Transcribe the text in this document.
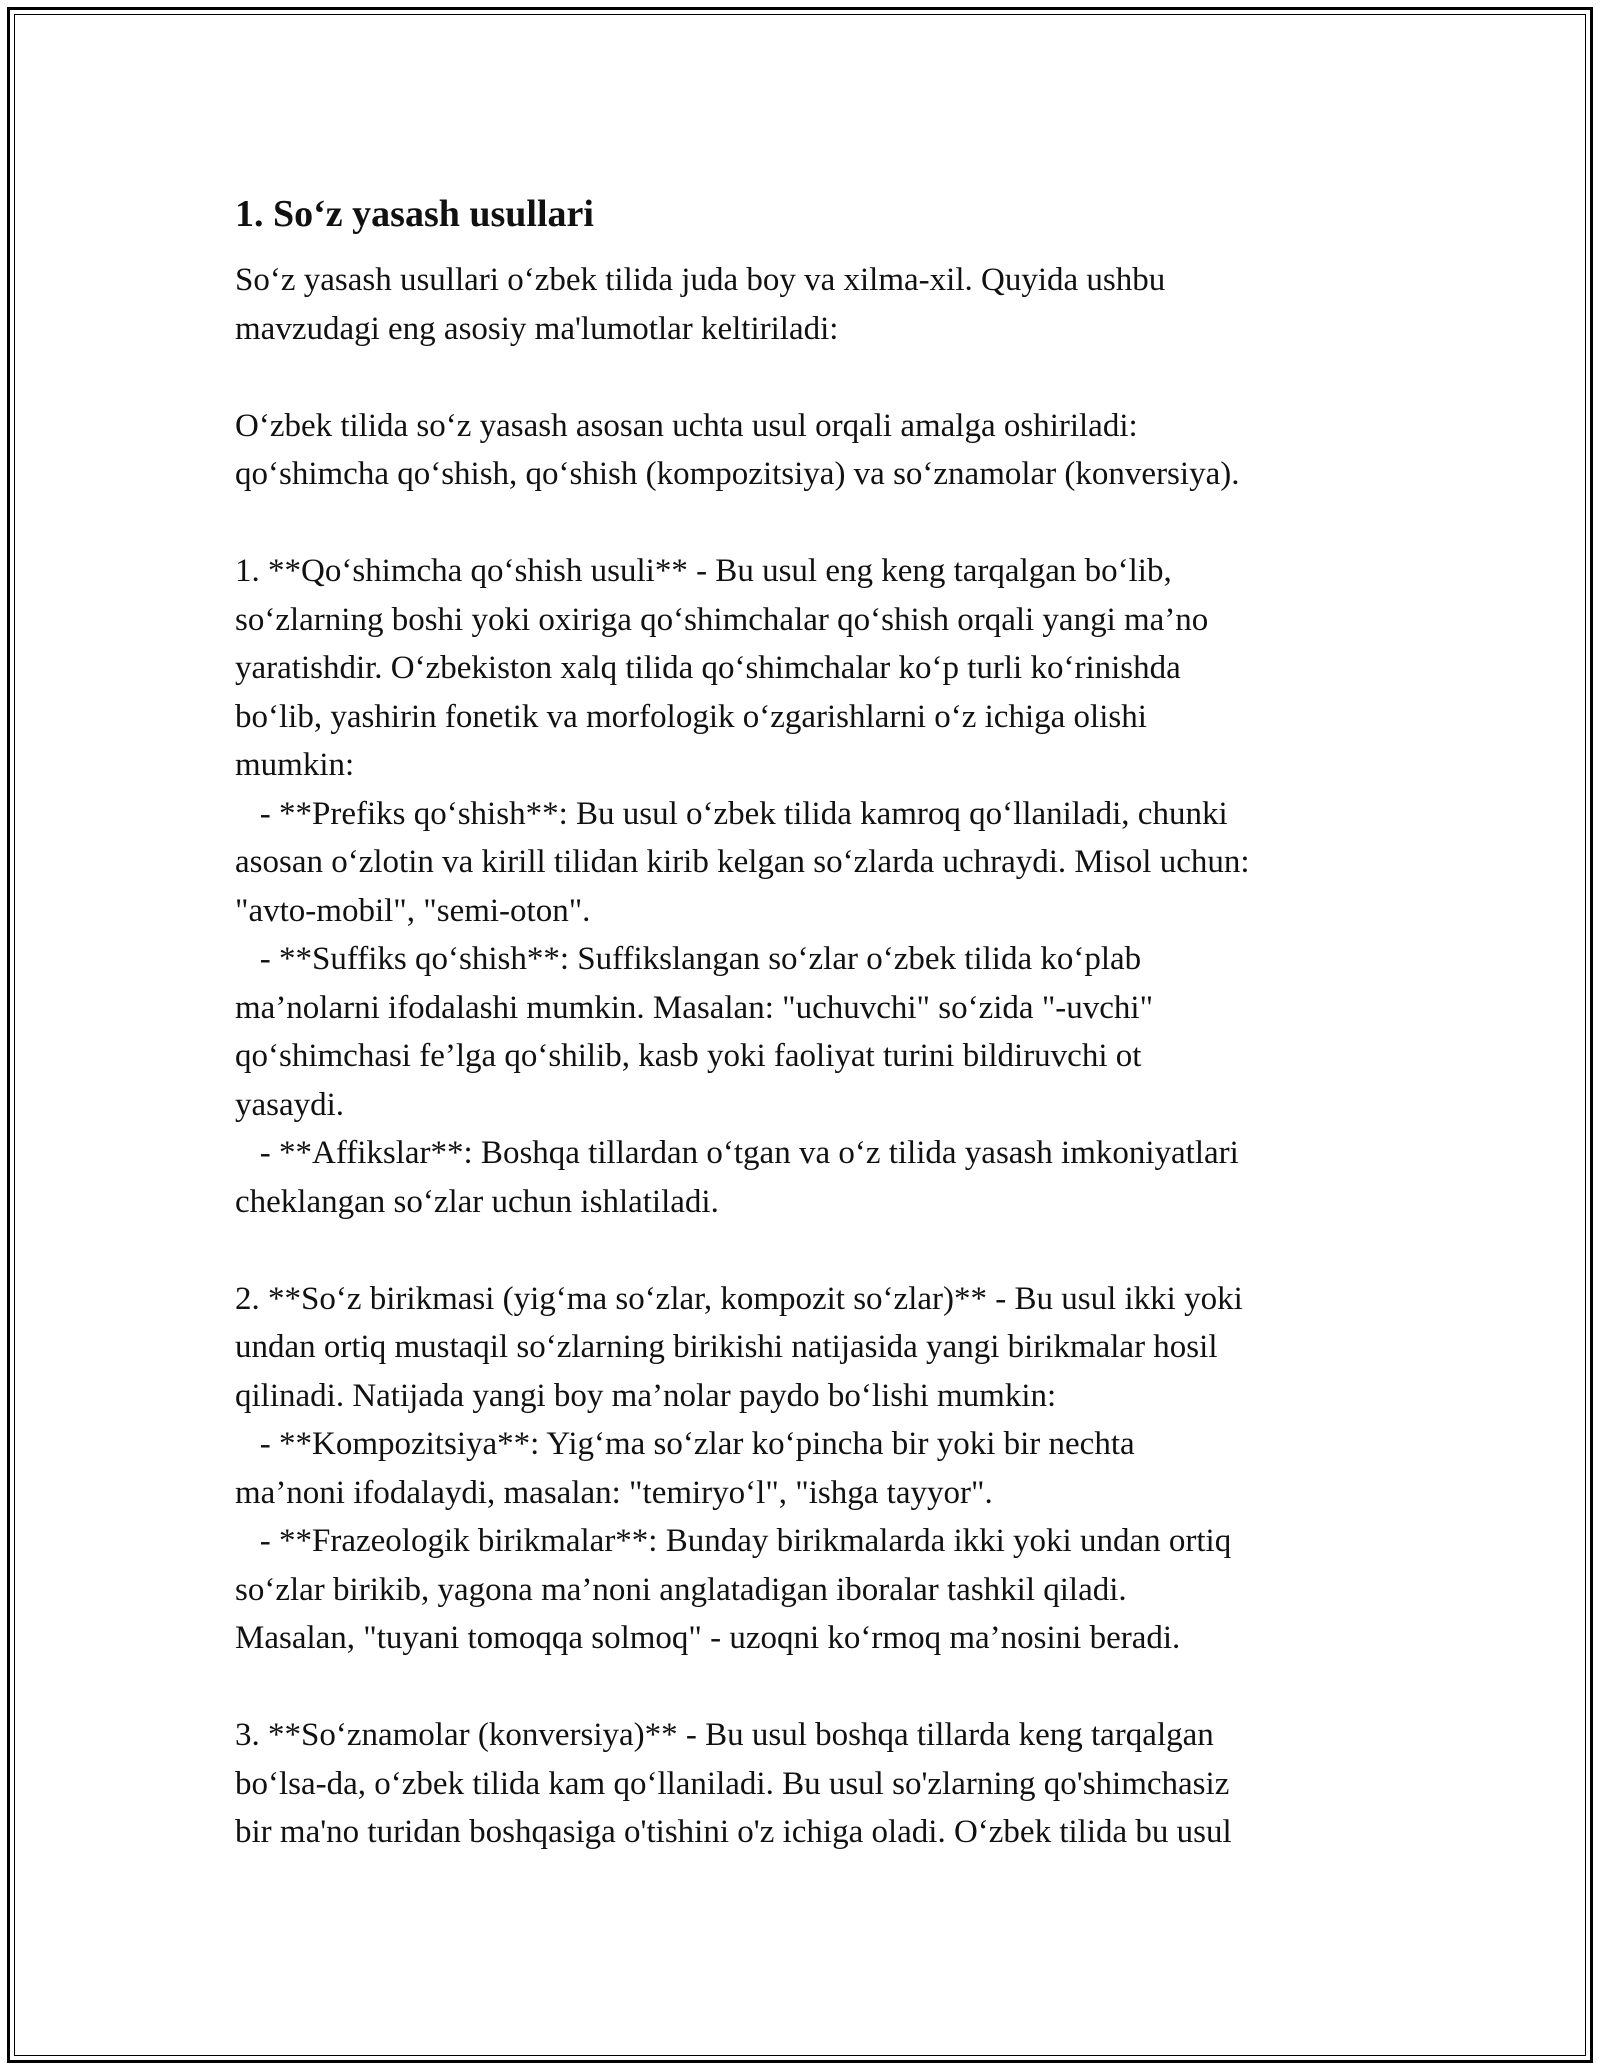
1. So‘z yasash usullari

So‘z yasash usullari o‘zbek tilida juda boy va xilma-xil. Quyida ushbu
mavzudagi eng asosiy ma'lumotlar keltiriladi:

O‘zbek tilida so‘z yasash asosan uchta usul orqali amalga oshiriladi:
qo‘shimcha qo‘shish, qo‘shish (kompozitsiya) va so‘znamolar (konversiya).

1. **Qo‘shimcha qo‘shish usuli** - Bu usul eng keng tarqalgan bo‘lib,
so‘zlarning boshi yoki oxiriga qo‘shimchalar qo‘shish orqali yangi ma’no
yaratishdir. O‘zbekiston xalq tilida qo‘shimchalar ko‘p turli ko‘rinishda
bo‘lib, yashirin fonetik va morfologik o‘zgarishlarni o‘z ichiga olishi
mumkin:
- **Prefiks qo‘shish**: Bu usul o‘zbek tilida kamroq qo‘llaniladi, chunki
asosan o‘zlotin va kirill tilidan kirib kelgan so‘zlarda uchraydi. Misol uchun:
"avto-mobil", "semi-oton".
- **Suffiks qo‘shish**: Suffikslangan so‘zlar o‘zbek tilida ko‘plab
ma’nolarni ifodalashi mumkin. Masalan: "uchuvchi" so‘zida "-uvchi"
qo‘shimchasi fe’lga qo‘shilib, kasb yoki faoliyat turini bildiruvchi ot
yasaydi.
- **Affikslar**: Boshqa tillardan o‘tgan va o‘z tilida yasash imkoniyatlari
cheklangan so‘zlar uchun ishlatiladi.

2. **So‘z birikmasi (yig‘ma so‘zlar, kompozit so‘zlar)** - Bu usul ikki yoki
undan ortiq mustaqil so‘zlarning birikishi natijasida yangi birikmalar hosil
qilinadi. Natijada yangi boy ma’nolar paydo bo‘lishi mumkin:
- **Kompozitsiya**: Yig‘ma so‘zlar ko‘pincha bir yoki bir nechta
ma’noni ifodalaydi, masalan: "temiryo‘l", "ishga tayyor".
- **Frazeologik birikmalar**: Bunday birikmalarda ikki yoki undan ortiq
so‘zlar birikib, yagona ma’noni anglatadigan iboralar tashkil qiladi.
Masalan, "tuyani tomoqqa solmoq" - uzoqni ko‘rmoq ma’nosini beradi.

3. **So‘znamolar (konversiya)** - Bu usul boshqa tillarda keng tarqalgan
bo‘lsa-da, o‘zbek tilida kam qo‘llaniladi. Bu usul so'zlarning qo'shimchasiz
bir ma'no turidan boshqasiga o'tishini o'z ichiga oladi. O‘zbek tilida bu usul
